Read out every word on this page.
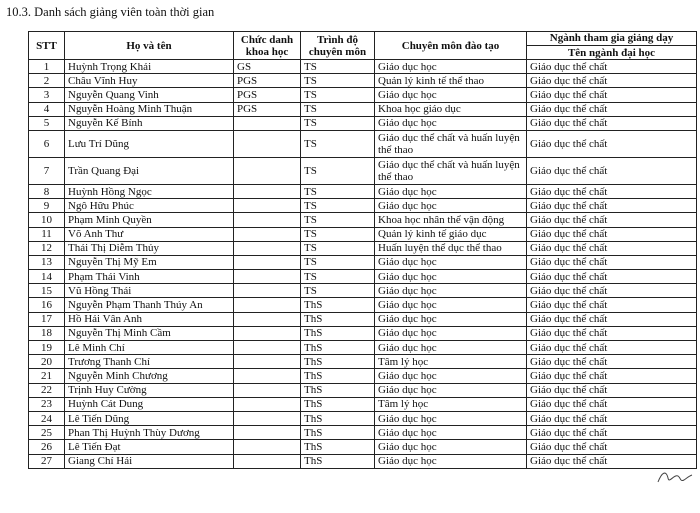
10.3. Danh sách giảng viên toàn thời gian
STT	Họ và tên	Chức danh khoa học	Trình độ chuyên môn	Chuyên môn đào tạo	Ngành tham gia giảng dạy
Tên ngành đại học

1	Huỳnh Trọng Khải	GS	TS	Giáo dục học	Giáo dục thể chất
2	Châu Vĩnh Huy	PGS	TS	Quản lý kinh tế thể thao	Giáo dục thể chất
3	Nguyễn Quang Vinh	PGS	TS	Giáo dục học	Giáo dục thể chất
4	Nguyễn Hoàng Minh Thuận	PGS	TS	Khoa học giáo dục	Giáo dục thể chất
5	Nguyễn Kế Bính		TS	Giáo dục học	Giáo dục thể chất
6	Lưu Trí Dũng		TS	Giáo dục thể chất và huấn luyện thể thao	Giáo dục thể chất
7	Trần Quang Đại		TS	Giáo dục thể chất và huấn luyện thể thao	Giáo dục thể chất
8	Huỳnh Hồng Ngọc		TS	Giáo dục học	Giáo dục thể chất
9	Ngô Hữu Phúc		TS	Giáo dục học	Giáo dục thể chất
10	Phạm Minh Quyền		TS	Khoa học nhân thể vận động	Giáo dục thể chất
11	Võ Anh Thư		TS	Quản lý kinh tế giáo dục	Giáo dục thể chất
12	Thái Thị Diễm Thủy		TS	Huấn luyện thể dục thể thao	Giáo dục thể chất
13	Nguyễn Thị Mỹ Em		TS	Giáo dục học	Giáo dục thể chất
14	Phạm Thái Vinh		TS	Giáo dục học	Giáo dục thể chất
15	Vũ Hồng Thái		TS	Giáo dục học	Giáo dục thể chất
16	Nguyễn Phạm Thanh Thúy An		ThS	Giáo dục học	Giáo dục thể chất
17	Hồ Hải Vân Anh		ThS	Giáo dục học	Giáo dục thể chất
18	Nguyễn Thị Minh Cầm		ThS	Giáo dục học	Giáo dục thể chất
19	Lê Minh Chí		ThS	Giáo dục học	Giáo dục thể chất
20	Trương Thanh Chí		ThS	Tâm lý học	Giáo dục thể chất
21	Nguyễn Minh Chương		ThS	Giáo dục học	Giáo dục thể chất
22	Trịnh Huy Cường		ThS	Giáo dục học	Giáo dục thể chất
23	Huỳnh Cát Dung		ThS	Tâm lý học	Giáo dục thể chất
24	Lê Tiến Dũng		ThS	Giáo dục học	Giáo dục thể chất
25	Phan Thị Huỳnh Thùy Dương		ThS	Giáo dục học	Giáo dục thể chất
26	Lê Tiến Đạt		ThS	Giáo dục học	Giáo dục thể chất
27	Giang Chí Hải		ThS	Giáo dục học	Giáo dục thể chất
